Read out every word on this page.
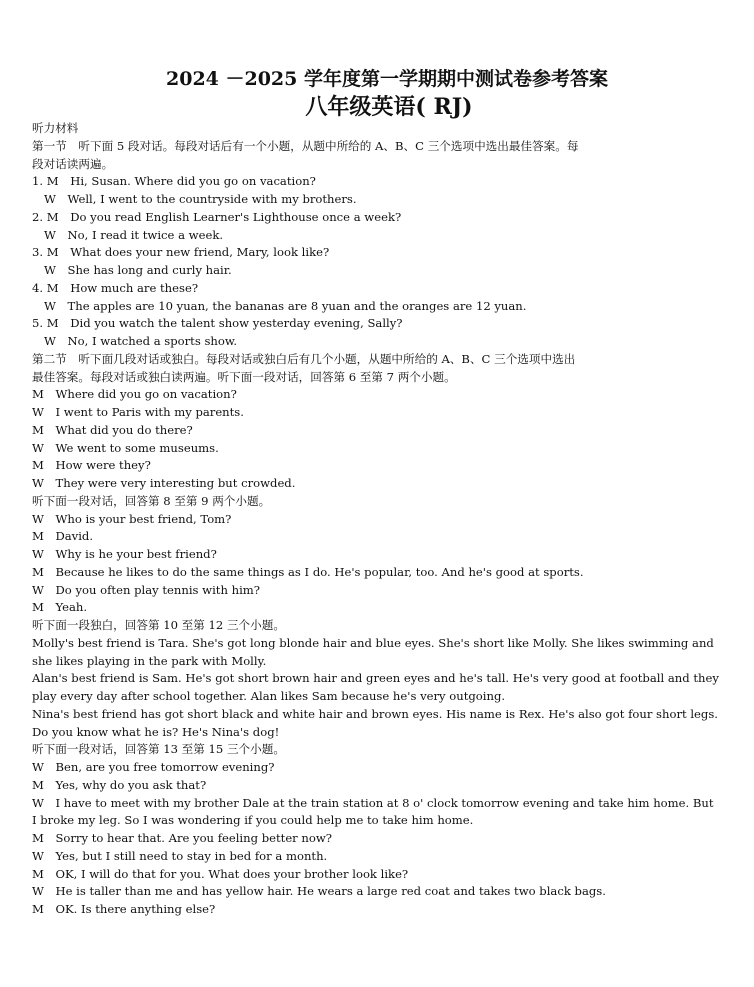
2024 －2025 学年度第一学期期中测试卷参考答案
八年级英语( RJ)
听力材料
第一节　听下面 5 段对话。每段对话后有一个小题，从题中所给的 A、B、C 三个选项中选出最佳答案。每
段对话读两遍。
1. M　Hi, Susan. Where did you go on vacation?
W　Well, I went to the countryside with my brothers.
2. M　Do you read English Learner's Lighthouse once a week?
W　No, I read it twice a week.
3. M　What does your new friend, Mary, look like?
W　She has long and curly hair.
4. M　How much are these?
W　The apples are 10 yuan, the bananas are 8 yuan and the oranges are 12 yuan.
5. M　Did you watch the talent show yesterday evening, Sally?
W　No, I watched a sports show.
第二节　听下面几段对话或独白。每段对话或独白后有几个小题，从题中所给的 A、B、C 三个选项中选出
最佳答案。每段对话或独白读两遍。听下面一段对话，回答第 6 至第 7 两个小题。
M　Where did you go on vacation?
W　I went to Paris with my parents.
M　What did you do there?
W　We went to some museums.
M　How were they?
W　They were very interesting but crowded.
听下面一段对话，回答第 8 至第 9 两个小题。
W　Who is your best friend, Tom?
M　David.
W　Why is he your best friend?
M　Because he likes to do the same things as I do. He's popular, too. And he's good at sports.
W　Do you often play tennis with him?
M　Yeah.
听下面一段独白，回答第 10 至第 12 三个小题。
Molly's best friend is Tara. She's got long blonde hair and blue eyes. She's short like Molly. She likes swimming and
she likes playing in the park with Molly.
Alan's best friend is Sam. He's got short brown hair and green eyes and he's tall. He's very good at football and they
play every day after school together. Alan likes Sam because he's very outgoing.
Nina's best friend has got short black and white hair and brown eyes. His name is Rex. He's also got four short legs.
Do you know what he is? He's Nina's dog!
听下面一段对话，回答第 13 至第 15 三个小题。
W　Ben, are you free tomorrow evening?
M　Yes, why do you ask that?
W　I have to meet with my brother Dale at the train station at 8 o' clock tomorrow evening and take him home. But
I broke my leg. So I was wondering if you could help me to take him home.
M　Sorry to hear that. Are you feeling better now?
W　Yes, but I still need to stay in bed for a month.
M　OK, I will do that for you. What does your brother look like?
W　He is taller than me and has yellow hair. He wears a large red coat and takes two black bags.
M　OK. Is there anything else?
